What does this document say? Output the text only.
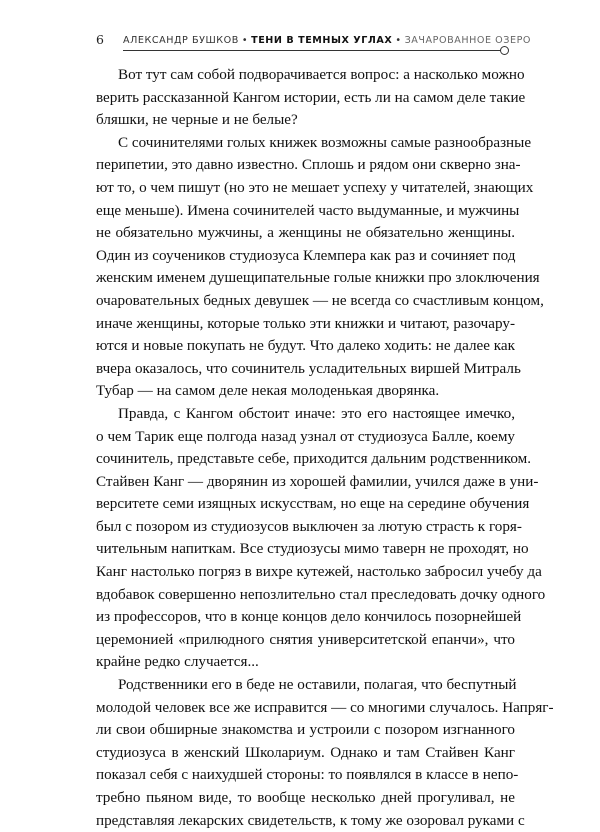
6 АЛЕКСАНДР БУШКОВ • ТЕНИ В ТЕМНЫХ УГЛАХ • ЗАЧАРОВАННОЕ ОЗЕРО
Вот тут сам собой подворачивается вопрос: а насколько можно
верить рассказанной Кангом истории, есть ли на самом деле такие
бляшки, не черные и не белые?
С сочинителями голых книжек возможны самые разнообразные
перипетии, это давно известно. Сплошь и рядом они скверно зна-
ют то, о чем пишут (но это не мешает успеху у читателей, знающих
еще меньше). Имена сочинителей часто выдуманные, и мужчины
не обязательно мужчины, а женщины не обязательно женщины.
Один из соучеников студиозуса Клемпера как раз и сочиняет под
женским именем душещипательные голые книжки про злоключения
очаровательных бедных девушек — не всегда со счастливым концом,
иначе женщины, которые только эти книжки и читают, разочару-
ются и новые покупать не будут. Что далеко ходить: не далее как
вчера оказалось, что сочинитель усладительных виршей Митраль
Тубар — на самом деле некая молоденькая дворянка.
Правда, с Кангом обстоит иначе: это его настоящее имечко,
о чем Тарик еще полгода назад узнал от студиозуса Балле, коему
сочинитель, представьте себе, приходится дальним родственником.
Стайвен Канг — дворянин из хорошей фамилии, учился даже в уни-
верситете семи изящных искусствам, но еще на середине обучения
был с позором из студиозусов выключен за лютую страсть к горя-
чительным напиткам. Все студиозусы мимо таверн не проходят, но
Канг настолько погряз в вихре кутежей, настолько забросил учебу да
вдобавок совершенно непозлительно стал преследовать дочку одного
из профессоров, что в конце концов дело кончилось позорнейшей
церемонией «прилюдного снятия университетской епанчи», что
крайне редко случается...
Родственники его в беде не оставили, полагая, что беспутный
молодой человек все же исправится — со многими случалось. Напряг-
ли свои обширные знакомства и устроили с позором изгнанного
студиозуса в женский Школариум. Однако и там Стайвен Канг
показал себя с наихудшей стороны: то появлялся в классе в непо-
требно пьяном виде, то вообще несколько дней прогуливал, не
представляя лекарских свидетельств, к тому же озоровал руками с
